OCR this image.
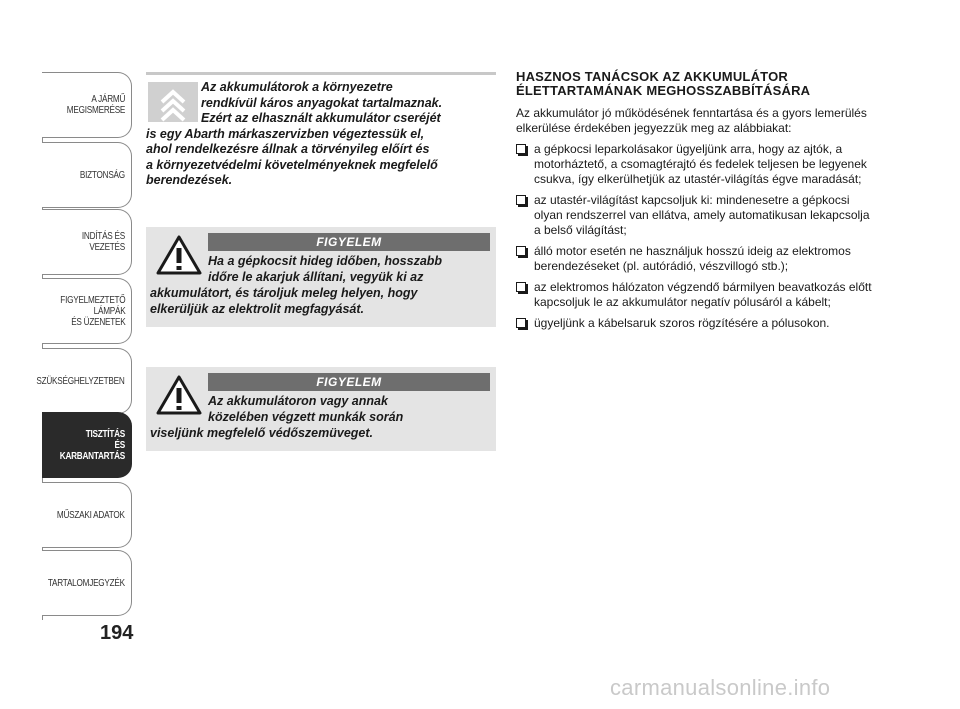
A JÁRMŰ
MEGISMERÉSE
BIZTONSÁG
INDÍTÁS ÉS VEZETÉS
FIGYELMEZTETŐ
LÁMPÁK
ÉS ÜZENETEK
SZÜKSÉGHELYZETBEN
TISZTÍTÁS
ÉS KARBANTARTÁS
MŰSZAKI ADATOK
TARTALOMJEGYZÉK
194

Az akkumulátorok a környezetre
rendkívül káros anyagokat tartalmaznak.
Ezért az elhasznált akkumulátor cseréjét
is egy Abarth márkaszervizben végeztessük el,
ahol rendelkezésre állnak a törvényileg előírt és
a környezetvédelmi követelményeknek megfelelő
berendezések.

FIGYELEM

Ha a gépkocsit hideg időben, hosszabb
időre le akarjuk állítani, vegyük ki az
akkumulátort, és tároljuk meleg helyen, hogy
elkerüljük az elektrolit megfagyását.

FIGYELEM

Az akkumulátoron vagy annak
közelében végzett munkák során
viseljünk megfelelő védőszemüveget.

HASZNOS TANÁCSOK AZ AKKUMULÁTOR ÉLETTARTAMÁNAK MEGHOSSZABBÍTÁSÁRA

Az akkumulátor jó működésének fenntartása és a gyors lemerülés elkerülése érdekében jegyezzük meg az alábbiakat:

a gépkocsi leparkolásakor ügyeljünk arra, hogy az ajtók, a motorháztető, a csomagtérajtó és fedelek teljesen be legyenek csukva, így elkerülhetjük az utastér-világítás égve maradását;
az utastér-világítást kapcsoljuk ki: mindenesetre a gépkocsi olyan rendszerrel van ellátva, amely automatikusan lekapcsolja a belső világítást;
álló motor esetén ne használjuk hosszú ideig az elektromos berendezéseket (pl. autórádió, vészvillogó stb.);
az elektromos hálózaton végzendő bármilyen beavatkozás előtt kapcsoljuk le az akkumulátor negatív pólusáról a kábelt;
ügyeljünk a kábelsaruk szoros rögzítésére a pólusokon.
carmanualsonline.info
